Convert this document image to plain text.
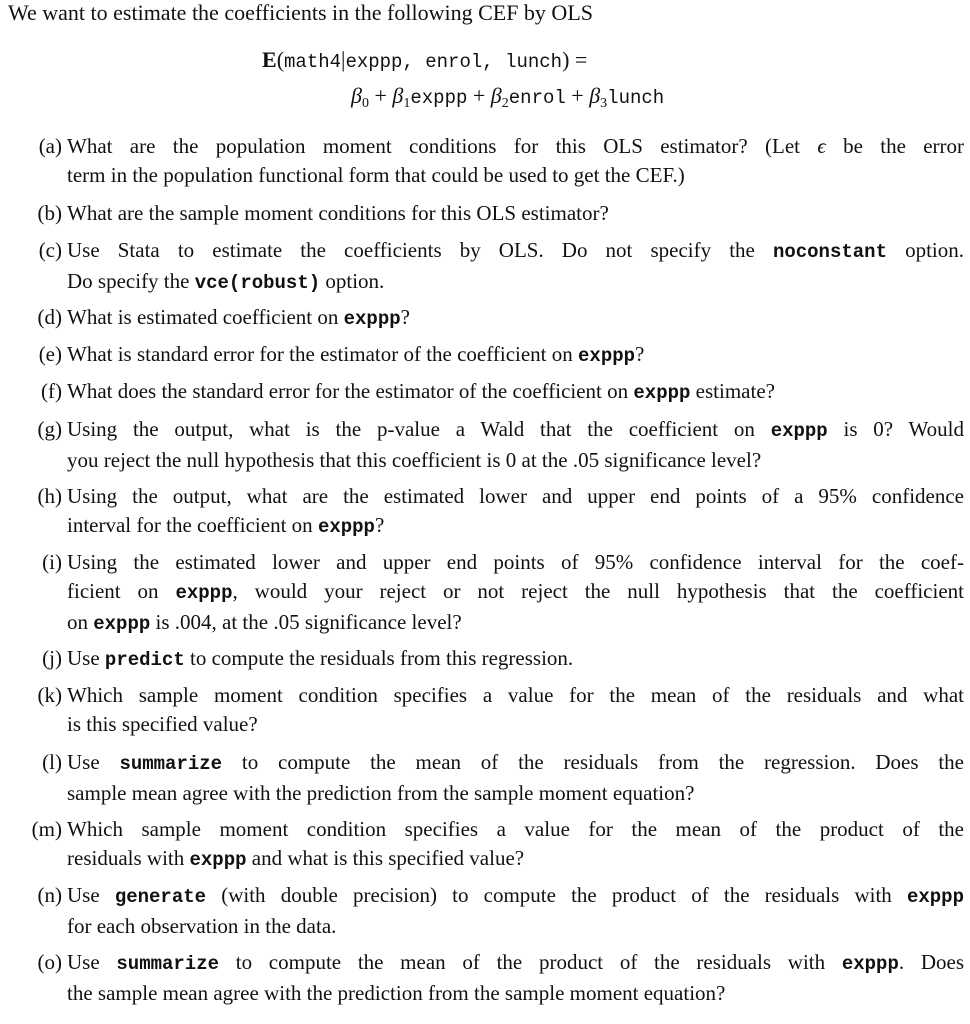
We want to estimate the coefficients in the following CEF by OLS
E(math4|exppp, enrol, lunch) =
$\beta_0$ + $\beta_1exppp$ + $\beta_2enrol$ + $\beta_3lunch$
(a) What are the population moment conditions for this OLS estimator? (Let ϵ be the error
term in the population functional form that could be used to get the CEF.)
(b) What are the sample moment conditions for this OLS estimator?
(c) Use Stata to estimate the coefficients by OLS. Do not specify the noconstant option.
Do specify the vce(robust) option.
(d) What is estimated coefficient on exppp?
(e) What is standard error for the estimator of the coefficient on exppp?
(f) What does the standard error for the estimator of the coefficient on exppp estimate?
(g) Using the output, what is the p-value a Wald that the coefficient on exppp is 0? Would
you reject the null hypothesis that this coefficient is 0 at the .05 significance level?
(h) Using the output, what are the estimated lower and upper end points of a 95% confidence
interval for the coefficient on exppp?
(i) Using the estimated lower and upper end points of 95% confidence interval for the coef-
ficient on exppp, would your reject or not reject the null hypothesis that the coefficient
on exppp is .004, at the .05 significance level?
(j) Use predict to compute the residuals from this regression.
(k) Which sample moment condition specifies a value for the mean of the residuals and what
is this specified value?
(l) Use summarize to compute the mean of the residuals from the regression. Does the
sample mean agree with the prediction from the sample moment equation?
(m) Which sample moment condition specifies a value for the mean of the product of the
residuals with exppp and what is this specified value?
(n) Use generate (with double precision) to compute the product of the residuals with exppp
for each observation in the data.
(o) Use summarize to compute the mean of the product of the residuals with exppp. Does
the sample mean agree with the prediction from the sample moment equation?
